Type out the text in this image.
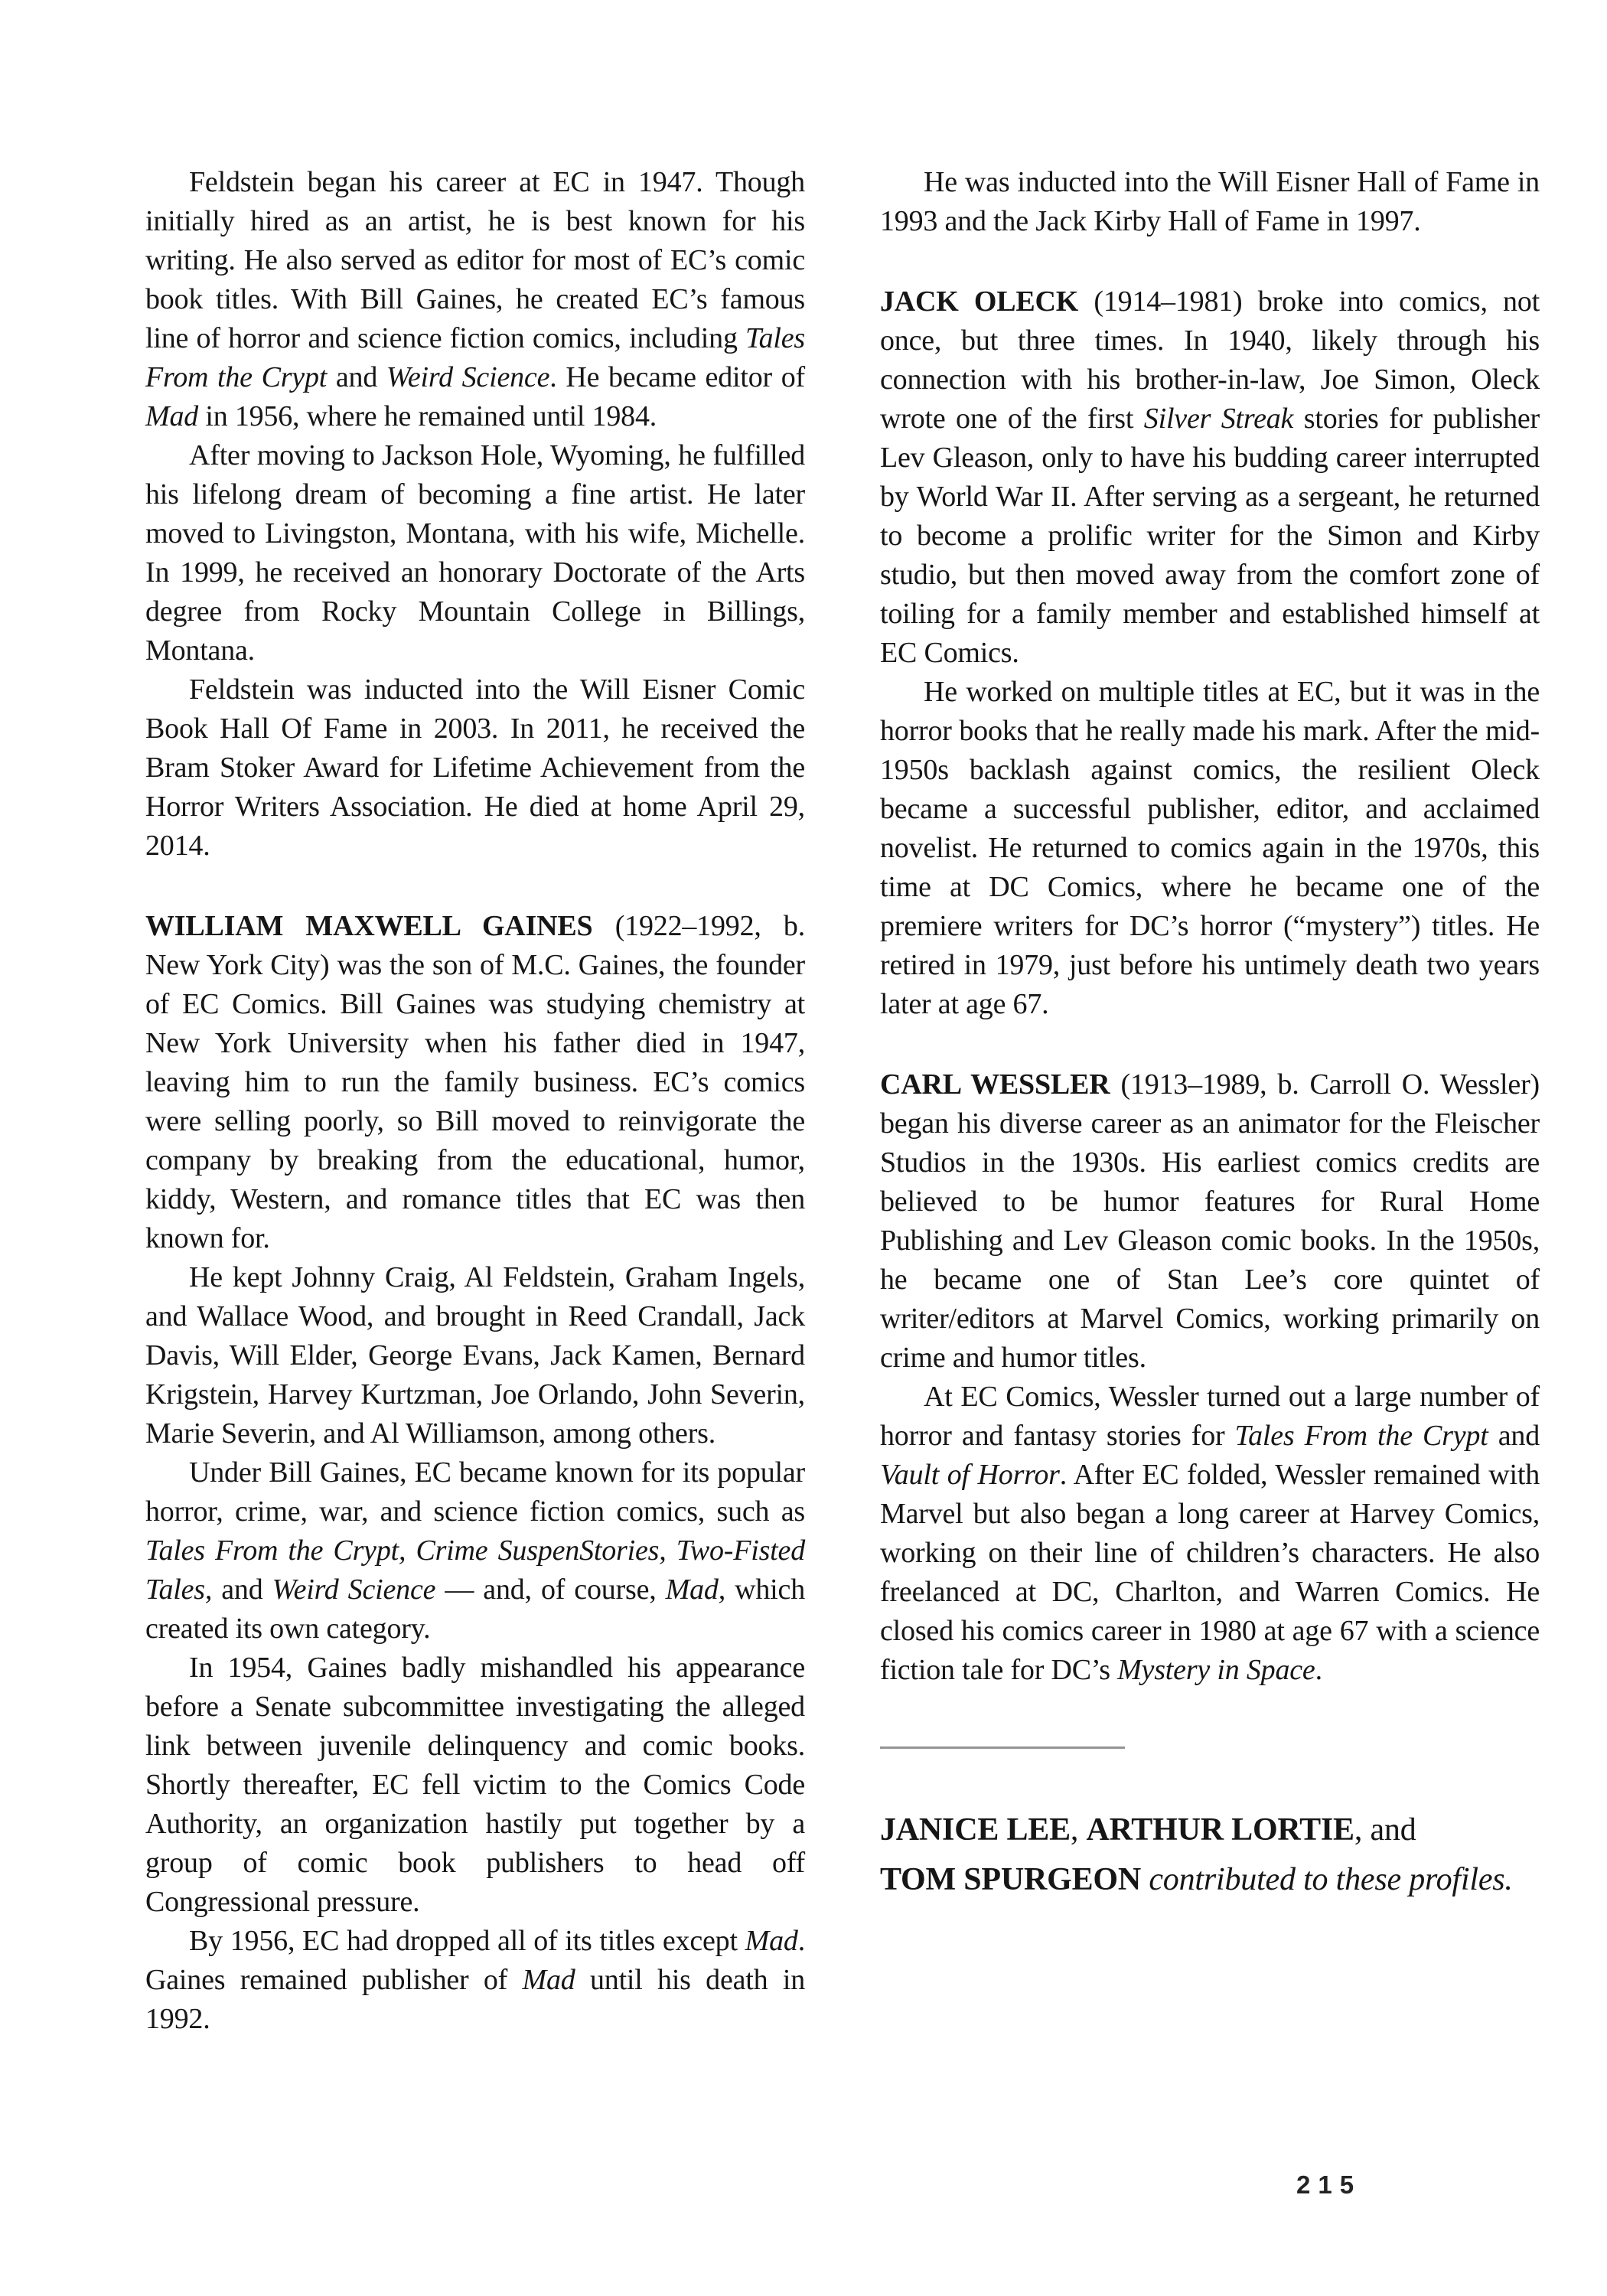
Feldstein began his career at EC in 1947. Though initially hired as an artist, he is best known for his writing. He also served as editor for most of EC’s comic book titles. With Bill Gaines, he created EC’s famous line of horror and science fiction comics, including Tales From the Crypt and Weird Science. He became editor of Mad in 1956, where he remained until 1984.

After moving to Jackson Hole, Wyoming, he fulfilled his lifelong dream of becoming a fine artist. He later moved to Livingston, Montana, with his wife, Michelle. In 1999, he received an honorary Doctorate of the Arts degree from Rocky Mountain College in Billings, Montana.

Feldstein was inducted into the Will Eisner Comic Book Hall Of Fame in 2003. In 2011, he received the Bram Stoker Award for Lifetime Achievement from the Horror Writers Association. He died at home April 29, 2014.

WILLIAM MAXWELL GAINES (1922–1992, b. New York City) was the son of M.C. Gaines, the founder of EC Comics. Bill Gaines was studying chemistry at New York University when his father died in 1947, leaving him to run the family business. EC’s comics were selling poorly, so Bill moved to reinvigorate the company by breaking from the educational, humor, kiddy, Western, and romance titles that EC was then known for.

He kept Johnny Craig, Al Feldstein, Graham Ingels, and Wallace Wood, and brought in Reed Crandall, Jack Davis, Will Elder, George Evans, Jack Kamen, Bernard Krigstein, Harvey Kurtzman, Joe Orlando, John Severin, Marie Severin, and Al Williamson, among others.

Under Bill Gaines, EC became known for its popular horror, crime, war, and science fiction comics, such as Tales From the Crypt, Crime SuspenStories, Two-Fisted Tales, and Weird Science — and, of course, Mad, which created its own category.

In 1954, Gaines badly mishandled his appearance before a Senate subcommittee investigating the alleged link between juvenile delinquency and comic books. Shortly thereafter, EC fell victim to the Comics Code Authority, an organization hastily put together by a group of comic book publishers to head off Congressional pressure.

By 1956, EC had dropped all of its titles except Mad. Gaines remained publisher of Mad until his death in 1992.

He was inducted into the Will Eisner Hall of Fame in 1993 and the Jack Kirby Hall of Fame in 1997.

JACK OLECK (1914–1981) broke into comics, not once, but three times. In 1940, likely through his connection with his brother-in-law, Joe Simon, Oleck wrote one of the first Silver Streak stories for publisher Lev Gleason, only to have his budding career interrupted by World War II. After serving as a sergeant, he returned to become a prolific writer for the Simon and Kirby studio, but then moved away from the comfort zone of toiling for a family member and established himself at EC Comics.

He worked on multiple titles at EC, but it was in the horror books that he really made his mark. After the mid-1950s backlash against comics, the resilient Oleck became a successful publisher, editor, and acclaimed novelist. He returned to comics again in the 1970s, this time at DC Comics, where he became one of the premiere writers for DC’s horror (“mystery”) titles. He retired in 1979, just before his untimely death two years later at age 67.

CARL WESSLER (1913–1989, b. Carroll O. Wessler) began his diverse career as an animator for the Fleischer Studios in the 1930s. His earliest comics credits are believed to be humor features for Rural Home Publishing and Lev Gleason comic books. In the 1950s, he became one of Stan Lee’s core quintet of writer/editors at Marvel Comics, working primarily on crime and humor titles.

At EC Comics, Wessler turned out a large number of horror and fantasy stories for Tales From the Crypt and Vault of Horror. After EC folded, Wessler remained with Marvel but also began a long career at Harvey Comics, working on their line of children’s characters. He also freelanced at DC, Charlton, and Warren Comics. He closed his comics career in 1980 at age 67 with a science fiction tale for DC’s Mystery in Space.

JANICE LEE, ARTHUR LORTIE, and

TOM SPURGEON contributed to these profiles.

215
